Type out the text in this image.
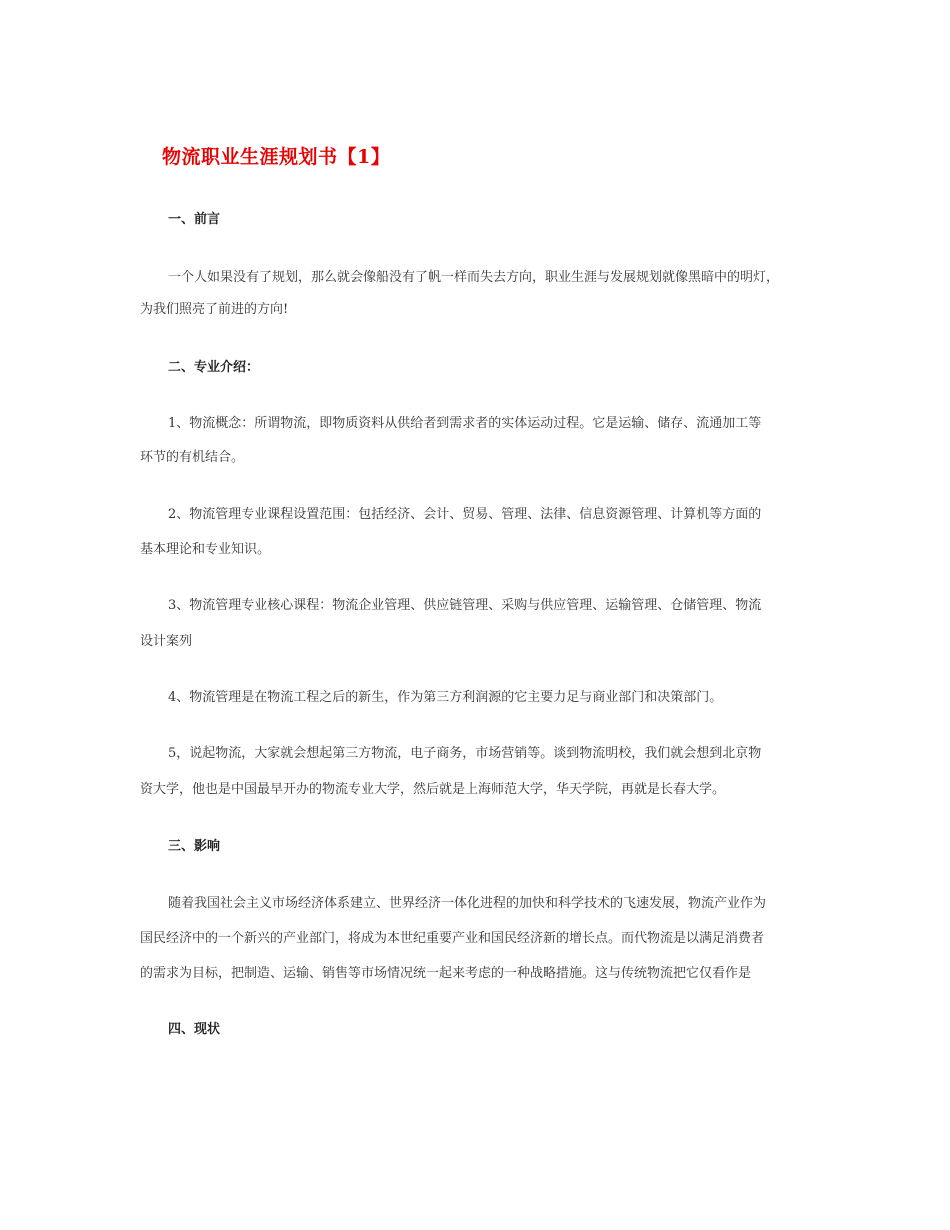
物流职业生涯规划书【1】
一、前言
一个人如果没有了规划，那么就会像船没有了帆一样而失去方向，职业生涯与发展规划就像黑暗中的明灯，
为我们照亮了前进的方向!
二、专业介绍：
1、物流概念：所谓物流，即物质资料从供给者到需求者的实体运动过程。它是运输、储存、流通加工等
环节的有机结合。
2、物流管理专业课程设置范围：包括经济、会计、贸易、管理、法律、信息资源管理、计算机等方面的
基本理论和专业知识。
3、物流管理专业核心课程：物流企业管理、供应链管理、采购与供应管理、运输管理、仓储管理、物流
设计案列
4、物流管理是在物流工程之后的新生，作为第三方利润源的它主要力足与商业部门和决策部门。
5，说起物流，大家就会想起第三方物流，电子商务，市场营销等。谈到物流明校，我们就会想到北京物
资大学，他也是中国最早开办的物流专业大学，然后就是上海师范大学，华天学院，再就是长春大学。
三、影响
随着我国社会主义市场经济体系建立、世界经济一体化进程的加快和科学技术的飞速发展，物流产业作为
国民经济中的一个新兴的产业部门，将成为本世纪重要产业和国民经济新的增长点。而代物流是以满足消费者
的需求为目标，把制造、运输、销售等市场情况统一起来考虑的一种战略措施。这与传统物流把它仅看作是
四、现状
